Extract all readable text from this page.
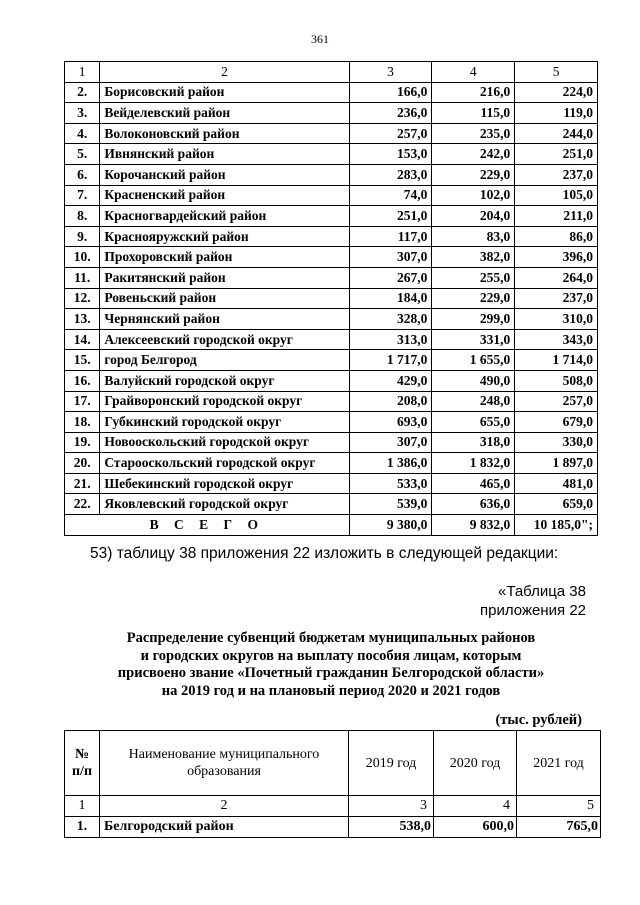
361
1	2	3	4	5
2.	Борисовский район	166,0	216,0	224,0
3.	Вейделевский район	236,0	115,0	119,0
4.	Волоконовский район	257,0	235,0	244,0
5.	Ивнянский район	153,0	242,0	251,0
6.	Корочанский район	283,0	229,0	237,0
7.	Красненский район	74,0	102,0	105,0
8.	Красногвардейский район	251,0	204,0	211,0
9.	Краснояружский район	117,0	83,0	86,0
10.	Прохоровский район	307,0	382,0	396,0
11.	Ракитянский район	267,0	255,0	264,0
12.	Ровеньский район	184,0	229,0	237,0
13.	Чернянский район	328,0	299,0	310,0
14.	Алексеевский городской округ	313,0	331,0	343,0
15.	город Белгород	1 717,0	1 655,0	1 714,0
16.	Валуйский городской округ	429,0	490,0	508,0
17.	Грайворонский городской округ	208,0	248,0	257,0
18.	Губкинский городской округ	693,0	655,0	679,0
19.	Новооскольский городской округ	307,0	318,0	330,0
20.	Старооскольский городской округ	1 386,0	1 832,0	1 897,0
21.	Шебекинский городской округ	533,0	465,0	481,0
22.	Яковлевский городской округ	539,0	636,0	659,0
В С Е Г О		9 380,0	9 832,0	10 185,0";
53) таблицу 38 приложения 22 изложить в следующей редакции:
«Таблица 38
приложения 22
Распределение субвенций бюджетам муниципальных районов
и городских округов на выплату пособия лицам, которым
присвоено звание «Почетный гражданин Белгородской области»
на 2019 год и на плановый период 2020 и 2021 годов
(тыс. рублей)
№ п/п	Наименование муниципального образования	2019 год	2020 год	2021 год
1	2	3	4	5
1.	Белгородский район	538,0	600,0	765,0
